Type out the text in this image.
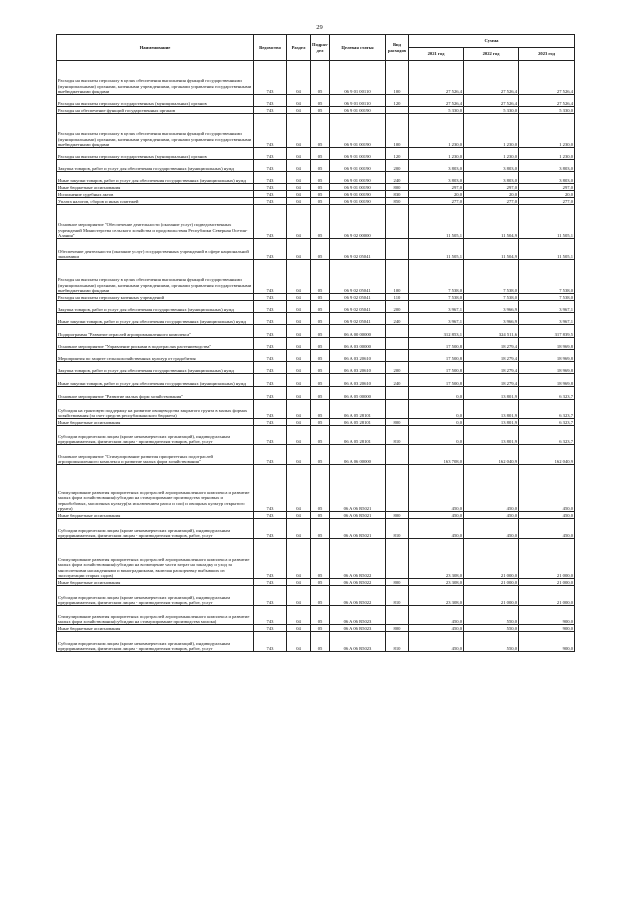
29
Наименование	Ведомство	Раздел	Подраз-дел	Целевая статья	Вид расходов	Сумма		
						2021 год	2022 год	2023 год
Расходы на выплаты персоналу в целях обеспечения выполнения функций государственными (муниципальными) органами, казенными учреждениями, органами управления государственными внебюджетными фондами	743	04	05	06 9 01 00110	100	27 526,4	27 526,4	27 526,4
Расходы на выплаты персоналу государственных (муниципальных) органов	743	04	05	06 9 01 00110	120	27 526,4	27 526,4	27 526,4
Расходы на обеспечение функций государственных органов	743	04	05	06 9 01 00190		5 330,0	5 330,0	5 330,0
Расходы на выплаты персоналу в целях обеспечения выполнения функций государственными (муниципальными) органами, казенными учреждениями, органами управления государственными внебюджетными фондами	743	04	05	06 9 01 00190	100	1 230,0	1 230,0	1 230,0
Расходы на выплаты персоналу государственных (муниципальных) органов	743	04	05	06 9 01 00190	120	1 230,0	1 230,0	1 230,0
Закупка товаров, работ и услуг для обеспечения государственных (муниципальных) нужд	743	04	05	06 9 01 00190	200	3 803,0	3 803,0	3 803,0
Иные закупки товаров, работ и услуг для обеспечения государственных (муниципальных) нужд	743	04	05	06 9 01 00190	240	3 803,0	3 803,0	3 803,0
Иные бюджетные ассигнования	743	04	05	06 9 01 00190	800	297,0	297,0	297,0
Исполнение судебных актов	743	04	05	06 9 01 00190	830	20,0	20,0	20,0
Уплата налогов, сборов и иных платежей	743	04	05	06 9 01 00190	850	277,0	277,0	277,0
Основное мероприятие "Обеспечение деятельности (оказание услуг) подведомственных учреждений Министерства сельского хозяйства и продовольствия Республики Северная Осетия-Алания"	743	04	05	06 9 02 00000		11 505,1	11 504,9	11 505,1
Обеспечение деятельности (оказание услуг) государственных учреждений в сфере национальной экономики	743	04	05	06 9 02 05041		11 505,1	11 504,9	11 505,1
Расходы на выплаты персоналу в целях обеспечения выполнения функций государственными (муниципальными) органами, казенными учреждениями, органами управления государственными внебюджетными фондами	743	04	05	06 9 02 05041	100	7 538,0	7 538,0	7 538,0
Расходы на выплаты персоналу казенных учреждений	743	04	05	06 9 02 05041	110	7 538,0	7 538,0	7 538,0
Закупка товаров, работ и услуг для обеспечения государственных (муниципальных) нужд	743	04	05	06 9 02 05041	200	3 967,1	3 966,9	3 967,1
Иные закупки товаров, работ и услуг для обеспечения государственных (муниципальных) нужд	743	04	05	06 9 02 05041	240	3 967,1	3 966,9	3 967,1
Подпрограмма "Развитие отраслей агропромышленного комплекса"	743	04	05	06 A 00 00000		312 853,1	324 511,6	317 839,5
Основное мероприятие "Управление рисками в подотраслях растениеводства"	743	04	05	06 A 03 00000		17 500,8	18 279,4	18 969,8
Мероприятия по защите сельскохозяйственных культур от градобития	743	04	05	06 A 03 20610		17 500,8	18 279,4	18 969,8
Закупка товаров, работ и услуг для обеспечения государственных (муниципальных) нужд	743	04	05	06 A 03 20610	200	17 500,8	18 279,4	18 969,8
Иные закупки товаров, работ и услуг для обеспечения государственных (муниципальных) нужд	743	04	05	06 A 03 20610	240	17 500,8	18 279,4	18 969,8
Основное мероприятие "Развитие малых форм хозяйствования"	743	04	05	06 A 05 00000		0,0	13 801,9	6 323,7
Субсидия на грантовую поддержку на развитие овощеводства закрытого грунта в малых формах хозяйствования (за счет средств республиканского бюджета)	743	04	05	06 A 05 28101		0,0	13 801,9	6 323,7
Иные бюджетные ассигнования	743	04	05	06 A 05 28101	800	0,0	13 801,9	6 323,7
Субсидии юридическим лицам (кроме некоммерческих организаций), индивидуальным предпринимателям, физическим лицам - производителям товаров, работ, услуг	743	04	05	06 A 05 28101	810	0,0	13 801,9	6 323,7
Основное мероприятие "Стимулирование развития приоритетных подотраслей агропромышленного комплекса и развитие малых форм хозяйствования"	743	04	05	06 A 06 00000		163 708,0	162 040,9	162 040,9
Стимулирование развития приоритетных подотраслей агропромышленного комплекса и развитие малых форм хозяйствования(субсидии на стимулирование производства зерновых и зернобобовых, масличных культур(за исключением рапса и сои) и овощных культур открытого грунта)	743	04	05	06 A 06 R5021		450,0	450,0	450,0
Иные бюджетные ассигнования	743	04	05	06 A 06 R5021	800	450,0	450,0	450,0
Субсидии юридическим лицам (кроме некоммерческих организаций), индивидуальным предпринимателям, физическим лицам - производителям товаров, работ, услуг	743	04	05	06 A 06 R5021	810	450,0	450,0	450,0
Стимулирование развития приоритетных подотраслей агропромышленного комплекса и развитие малых форм хозяйствования(субсидии на возмещение части затрат на закладку и уход за многолетними насаждениями и виноградниками, включая раскорчевку выбывших из эксплуатации старых садов)	743	04	05	06 A 06 R5022		23 308,0	21 000,0	21 000,0
Иные бюджетные ассигнования	743	04	05	06 A 06 R5022	800	23 308,0	21 000,0	21 000,0
Субсидии юридическим лицам (кроме некоммерческих организаций), индивидуальным предпринимателям, физическим лицам - производителям товаров, работ, услуг	743	04	05	06 A 06 R5022	810	23 308,0	21 000,0	21 000,0
Стимулирование развития приоритетных подотраслей агропромышленного комплекса и развитие малых форм хозяйствования(субсидии на стимулирование производства молока)	743	04	05	06 A 06 R5023		450,0	550,0	900,0
Иные бюджетные ассигнования	743	04	05	06 A 06 R5023	800	450,0	550,0	900,0
Субсидии юридическим лицам (кроме некоммерческих организаций), индивидуальным предпринимателям, физическим лицам - производителям товаров, работ, услуг	743	04	05	06 A 06 R5023	810	450,0	550,0	900,0
